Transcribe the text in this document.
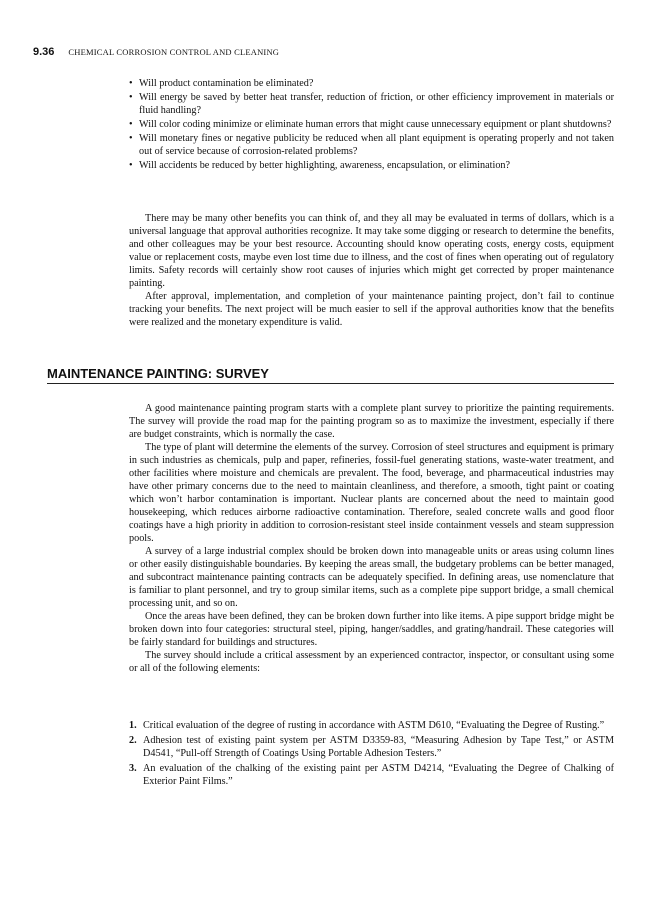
9.36 CHEMICAL CORROSION CONTROL AND CLEANING
• Will product contamination be eliminated?
• Will energy be saved by better heat transfer, reduction of friction, or other efficiency improvement in materials or fluid handling?
• Will color coding minimize or eliminate human errors that might cause unnecessary equipment or plant shutdowns?
• Will monetary fines or negative publicity be reduced when all plant equipment is operating properly and not taken out of service because of corrosion-related problems?
• Will accidents be reduced by better highlighting, awareness, encapsulation, or elimination?

There may be many other benefits you can think of, and they all may be evaluated in terms of dollars, which is a universal language that approval authorities recognize. It may take some digging or research to determine the benefits, and other colleagues may be your best resource. Accounting should know operating costs, energy costs, equipment value or replacement costs, maybe even lost time due to illness, and the cost of fines when operating out of regulatory limits. Safety records will certainly show root causes of injuries which might get corrected by proper maintenance painting.

After approval, implementation, and completion of your maintenance painting project, don’t fail to continue tracking your benefits. The next project will be much easier to sell if the approval authorities know that the benefits were realized and the monetary expenditure is valid.

MAINTENANCE PAINTING: SURVEY

A good maintenance painting program starts with a complete plant survey to prioritize the painting requirements. The survey will provide the road map for the painting program so as to maximize the investment, especially if there are budget constraints, which is normally the case.

The type of plant will determine the elements of the survey. Corrosion of steel structures and equipment is primary in such industries as chemicals, pulp and paper, refineries, fossil-fuel generating stations, waste-water treatment, and other facilities where moisture and chemicals are prevalent. The food, beverage, and pharmaceutical industries may have other primary concerns due to the need to maintain cleanliness, and therefore, a smooth, tight paint or coating which won’t harbor contamination is important. Nuclear plants are concerned about the need to maintain good housekeeping, which reduces airborne radioactive contamination. Therefore, sealed concrete walls and good floor coatings have a high priority in addition to corrosion-resistant steel inside containment vessels and steam suppression pools.

A survey of a large industrial complex should be broken down into manageable units or areas using column lines or other easily distinguishable boundaries. By keeping the areas small, the budgetary problems can be better managed, and subcontract maintenance painting contracts can be adequately specified. In defining areas, use nomenclature that is familiar to plant personnel, and try to group similar items, such as a complete pipe support bridge, a small chemical processing unit, and so on.

Once the areas have been defined, they can be broken down further into like items. A pipe support bridge might be broken down into four categories: structural steel, piping, hanger/saddles, and grating/handrail. These categories will be fairly standard for buildings and structures.

The survey should include a critical assessment by an experienced contractor, inspector, or consultant using some or all of the following elements:

1. Critical evaluation of the degree of rusting in accordance with ASTM D610, “Evaluating the Degree of Rusting.”
2. Adhesion test of existing paint system per ASTM D3359-83, “Measuring Adhesion by Tape Test,” or ASTM D4541, “Pull-off Strength of Coatings Using Portable Adhesion Testers.”
3. An evaluation of the chalking of the existing paint per ASTM D4214, “Evaluating the Degree of Chalking of Exterior Paint Films.”
